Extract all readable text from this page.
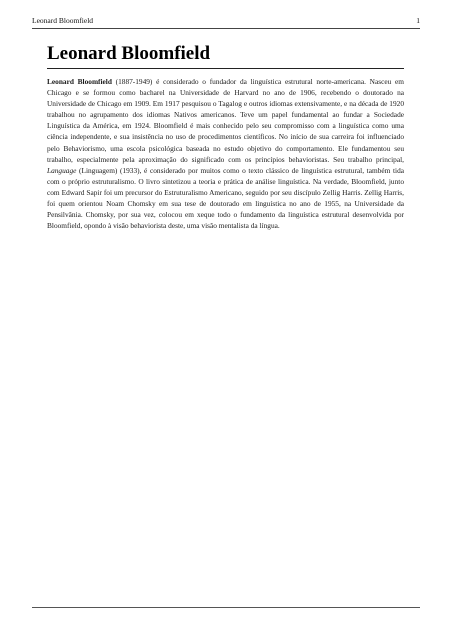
Leonard Bloomfield	1
Leonard Bloomfield

Leonard Bloomfield (1887-1949) é considerado o fundador da linguística estrutural norte-americana. Nasceu em Chicago e se formou como bacharel na Universidade de Harvard no ano de 1906, recebendo o doutorado na Universidade de Chicago em 1909. Em 1917 pesquisou o Tagalog e outros idiomas extensivamente, e na década de 1920 trabalhou no agrupamento dos idiomas Nativos americanos. Teve um papel fundamental ao fundar a Sociedade Linguística da América, em 1924. Bloomfield é mais conhecido pelo seu compromisso com a linguística como uma ciência independente, e sua insistência no uso de procedimentos científicos. No início de sua carreira foi influenciado pelo Behaviorismo, uma escola psicológica baseada no estudo objetivo do comportamento. Ele fundamentou seu trabalho, especialmente pela aproximação do significado com os princípios behavioristas. Seu trabalho principal, Language (Linguagem) (1933), é considerado por muitos como o texto clássico de linguística estrutural, também tida com o próprio estruturalismo. O livro sintetizou a teoria e prática de análise linguística. Na verdade, Bloomfield, junto com Edward Sapir foi um precursor do Estruturalismo Americano, seguido por seu discípulo Zellig Harris. Zellig Harris, foi quem orientou Noam Chomsky em sua tese de doutorado em linguística no ano de 1955, na Universidade da Pensilvânia. Chomsky, por sua vez, colocou em xeque todo o fundamento da linguística estrutural desenvolvida por Bloomfield, opondo à visão behaviorista deste, uma visão mentalista da língua.
